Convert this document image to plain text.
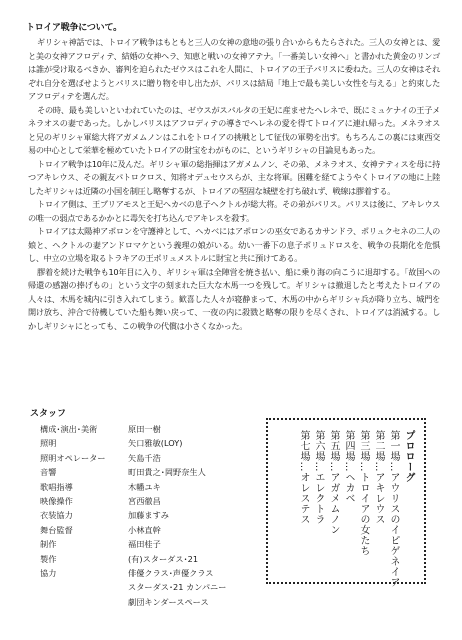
トロイア戦争について。

ギリシャ神話では、トロイア戦争はもともと三人の女神の意地の張り合いからもたらされた。三人の女神とは、愛と美の女神アフロディテ、結婚の女神ヘラ、知恵と戦いの女神アテナ。「一番美しい女神へ」と書かれた黄金のリンゴは誰が受け取るべきか、審判を迫られたゼウスはこれを人間に、トロイアの王子パリスに委ねた。三人の女神はそれぞれ自分を選ばせようとパリスに贈り物を申し出たが、パリスは結局「地上で最も美しい女性を与える」と約束したアフロディテを選んだ。

その時、最も美しいといわれていたのは、ゼウスがスパルタの王妃に産ませたヘレネで、既にミュケナイの王子メネラオスの妻であった。しかしパリスはアフロディテの導きでヘレネの愛を得てトロイアに連れ帰った。メネラオスと兄のギリシャ軍総大将アガメムノンはこれをトロイアの挑戦として征伐の軍勢を出す。もちろんこの裏には東西交易の中心として栄華を極めていたトロイアの財宝をわがものに、というギリシャの目論見もあった。

トロイア戦争は10年に及んだ。ギリシャ軍の総指揮はアガメムノン、その弟、メネラオス、女神テティスを母に持つアキレウス、その親友パトロクロス、知将オデュセウスらが、主な将軍。困難を経てようやくトロイアの地に上陸したギリシャは近隣の小国を制圧し略奪するが、トロイアの堅固な城壁を打ち破れず、戦線は膠着する。

トロイア側は、王プリアモスと王妃ヘカベの息子ヘクトルが総大将。その弟がパリス。パリスは後に、アキレウスの唯一の弱点であるかかとに毒矢を打ち込んでアキレスを殺す。

トロイアは太陽神アポロンを守護神として、ヘカベにはアポロンの巫女であるカサンドラ、ポリュクセネの二人の娘と、ヘクトルの妻アンドロマケという義理の娘がいる。幼い一番下の息子ポリュドロスを、戦争の長期化を危惧し、中立の立場を取るトラキアの王ポリュメストルに財宝と共に預けてある。

膠着を続けた戦争も10年目に入り、ギリシャ軍は全陣営を焼き払い、船に乗り海の向こうに退却する。「故国への帰還の感謝の捧げもの」という文字の刻まれた巨大な木馬一つを残して。ギリシャは撤退したと考えたトロイアの人々は、木馬を城内に引き入れてしまう。歓喜した人々が寝静まって、木馬の中からギリシャ兵が降り立ち、城門を開け放ち、沖合で待機していた船も舞い戻って、一夜の内に殺戮と略奪の限りを尽くされ、トロイアは消滅する。しかしギリシャにとっても、この戦争の代償は小さくなかった。

スタッフ
構成･演出･美術	原田一樹
照明	矢口雅敏(LOY)
照明オペレーター	矢島千浩
音響	町田貴之･岡野奈生人
歌唱指導	木幡ユキ
映像操作	宮西徹昌
衣装協力	加藤ますみ
舞台監督	小林直幹
制作	福田桂子
製作	(有)スターダス･21
協力	俳優クラス･声優クラス
スターダス･21 カンパニー
劇団キンダースペース
プロローグ
第一場…アウリスのイピゲネイア
第二場…アキレウス
第三場…トロイアの女たち
第四場…ヘカベ
第五場…アガメムノン
第六場…エレクトラ
第七場…オレステス
